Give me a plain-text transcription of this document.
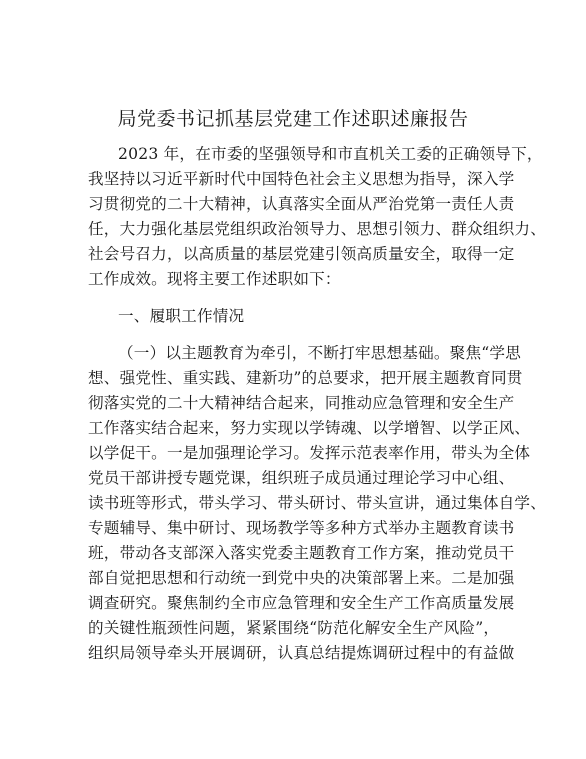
局党委书记抓基层党建工作述职述廉报告
2023 年，在市委的坚强领导和市直机关工委的正确领导下，
我坚持以习近平新时代中国特色社会主义思想为指导，深入学
习贯彻党的二十大精神，认真落实全面从严治党第一责任人责
任，大力强化基层党组织政治领导力、思想引领力、群众组织力、
社会号召力，以高质量的基层党建引领高质量安全，取得一定
工作成效。现将主要工作述职如下：
一、履职工作情况
（一）以主题教育为牵引，不断打牢思想基础。聚焦“学思
想、强党性、重实践、建新功”的总要求，把开展主题教育同贯
彻落实党的二十大精神结合起来，同推动应急管理和安全生产
工作落实结合起来，努力实现以学铸魂、以学增智、以学正风、
以学促干。一是加强理论学习。发挥示范表率作用，带头为全体
党员干部讲授专题党课，组织班子成员通过理论学习中心组、
读书班等形式，带头学习、带头研讨、带头宣讲，通过集体自学、
专题辅导、集中研讨、现场教学等多种方式举办主题教育读书
班，带动各支部深入落实党委主题教育工作方案，推动党员干
部自觉把思想和行动统一到党中央的决策部署上来。二是加强
调查研究。聚焦制约全市应急管理和安全生产工作高质量发展
的关键性瓶颈性问题，紧紧围绕“防范化解安全生产风险”，
组织局领导牵头开展调研，认真总结提炼调研过程中的有益做
